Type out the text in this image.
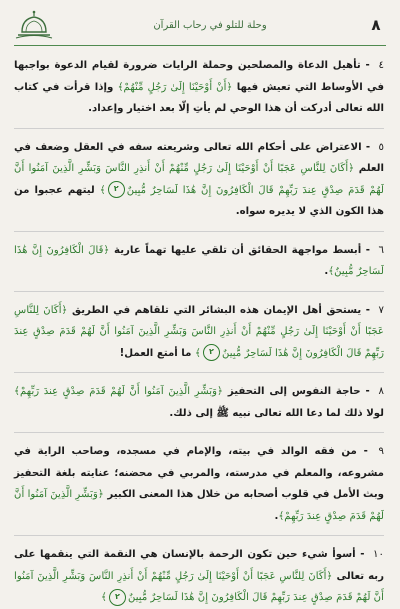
٨
وحلة للتلو في رحاب القرآن

٤ - تأهيل الدعاة والمصلحين وحملة الرايات ضرورة لقيام الدعوة بواجبها في الأوساط التي تعيش فيها ﴿أَنْ أَوْحَيْنَا إِلَىٰ رَجُلٍ مِّنْهُمْ﴾ وإذا قرأت في كتاب الله تعالى أدركت أن هذا الوحي لم يأتِ إلّا بعد اختيار وإعداد.

٥ - الاعتراض على أحكام الله تعالى وشريعته سفه في العقل وضعف في العلم ﴿أَكَانَ لِلنَّاسِ عَجَبًا أَنْ أَوْحَيْنَا إِلَىٰ رَجُلٍ مِّنْهُمْ أَنْ أَنذِرِ النَّاسَ وَبَشِّرِ الَّذِينَ آمَنُوا أَنَّ لَهُمْ قَدَمَ صِدْقٍ عِندَ رَبِّهِمْ قَالَ الْكَافِرُونَ إِنَّ هَٰذَا لَسَاحِرٌ مُّبِينٌ٢﴾ ليتهم عجبوا من هذا الكون الذي لا يديره سواه.

٦ - أبسط مواجهة الحقائق أن تلقي عليها تهماً عارية ﴿قَالَ الْكَافِرُونَ إِنَّ هَٰذَا لَسَاحِرٌ مُّبِينٌ﴾.

٧ - يستحق أهل الإيمان هذه البشائر التي تلقاهم في الطريق ﴿أَكَانَ لِلنَّاسِ عَجَبًا أَنْ أَوْحَيْنَا إِلَىٰ رَجُلٍ مِّنْهُمْ أَنْ أَنذِرِ النَّاسَ وَبَشِّرِ الَّذِينَ آمَنُوا أَنَّ لَهُمْ قَدَمَ صِدْقٍ عِندَ رَبِّهِمْ قَالَ الْكَافِرُونَ إِنَّ هَٰذَا لَسَاحِرٌ مُّبِينٌ٢﴾ ما أمتع العمل!

٨ - حاجة النفوس إلى التحفيز ﴿وَبَشِّرِ الَّذِينَ آمَنُوا أَنَّ لَهُمْ قَدَمَ صِدْقٍ عِندَ رَبِّهِمْ﴾ لولا ذلك لما دعا الله تعالى نبيه ﷺ إلى ذلك.

٩ - من فقه الوالد في بيته، والإمام في مسجده، وصاحب الراية في مشروعه، والمعلم في مدرسته، والمربي في محضنه؛ عنايته بلغة التحفيز وبث الأمل في قلوب أصحابه من خلال هذا المعنى الكبير ﴿وَبَشِّرِ الَّذِينَ آمَنُوا أَنَّ لَهُمْ قَدَمَ صِدْقٍ عِندَ رَبِّهِمْ﴾.

١٠ - أسوأ شيء حين تكون الرحمة بالإنسان هي النقمة التي ينقمها على ربه تعالى ﴿أَكَانَ لِلنَّاسِ عَجَبًا أَنْ أَوْحَيْنَا إِلَىٰ رَجُلٍ مِّنْهُمْ أَنْ أَنذِرِ النَّاسَ وَبَشِّرِ الَّذِينَ آمَنُوا أَنَّ لَهُمْ قَدَمَ صِدْقٍ عِندَ رَبِّهِمْ قَالَ الْكَافِرُونَ إِنَّ هَٰذَا لَسَاحِرٌ مُّبِينٌ٢﴾
